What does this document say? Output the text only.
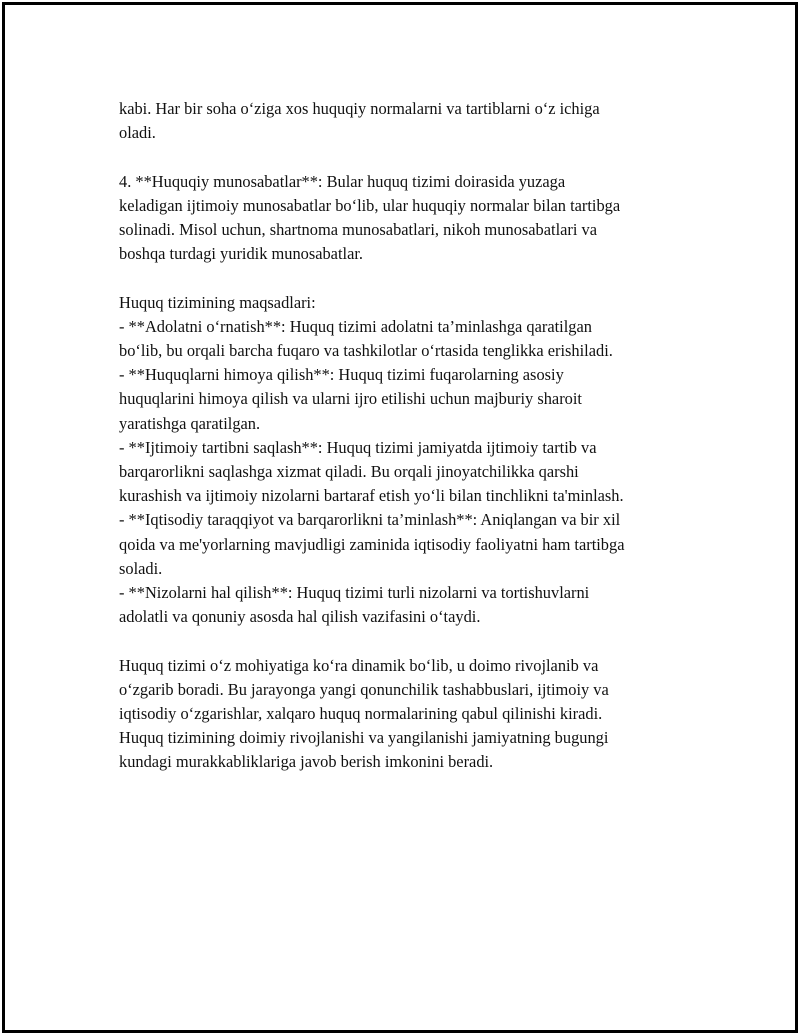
kabi. Har bir soha o‘ziga xos huquqiy normalarni va tartiblarni o‘z ichiga
oladi.

4. **Huquqiy munosabatlar**: Bular huquq tizimi doirasida yuzaga
keladigan ijtimoiy munosabatlar bo‘lib, ular huquqiy normalar bilan tartibga
solinadi. Misol uchun, shartnoma munosabatlari, nikoh munosabatlari va
boshqa turdagi yuridik munosabatlar.

Huquq tizimining maqsadlari:
- **Adolatni o‘rnatish**: Huquq tizimi adolatni ta’minlashga qaratilgan
bo‘lib, bu orqali barcha fuqaro va tashkilotlar o‘rtasida tenglikka erishiladi.
- **Huquqlarni himoya qilish**: Huquq tizimi fuqarolarning asosiy
huquqlarini himoya qilish va ularni ijro etilishi uchun majburiy sharoit
yaratishga qaratilgan.
- **Ijtimoiy tartibni saqlash**: Huquq tizimi jamiyatda ijtimoiy tartib va
barqarorlikni saqlashga xizmat qiladi. Bu orqali jinoyatchilikka qarshi
kurashish va ijtimoiy nizolarni bartaraf etish yo‘li bilan tinchlikni ta'minlash.
- **Iqtisodiy taraqqiyot va barqarorlikni ta’minlash**: Aniqlangan va bir xil
qoida va me'yorlarning mavjudligi zaminida iqtisodiy faoliyatni ham tartibga
soladi.
- **Nizolarni hal qilish**: Huquq tizimi turli nizolarni va tortishuvlarni
adolatli va qonuniy asosda hal qilish vazifasini o‘taydi.

Huquq tizimi o‘z mohiyatiga ko‘ra dinamik bo‘lib, u doimo rivojlanib va
o‘zgarib boradi. Bu jarayonga yangi qonunchilik tashabbuslari, ijtimoiy va
iqtisodiy o‘zgarishlar, xalqaro huquq normalarining qabul qilinishi kiradi.
Huquq tizimining doimiy rivojlanishi va yangilanishi jamiyatning bugungi
kundagi murakkabliklariga javob berish imkonini beradi.
